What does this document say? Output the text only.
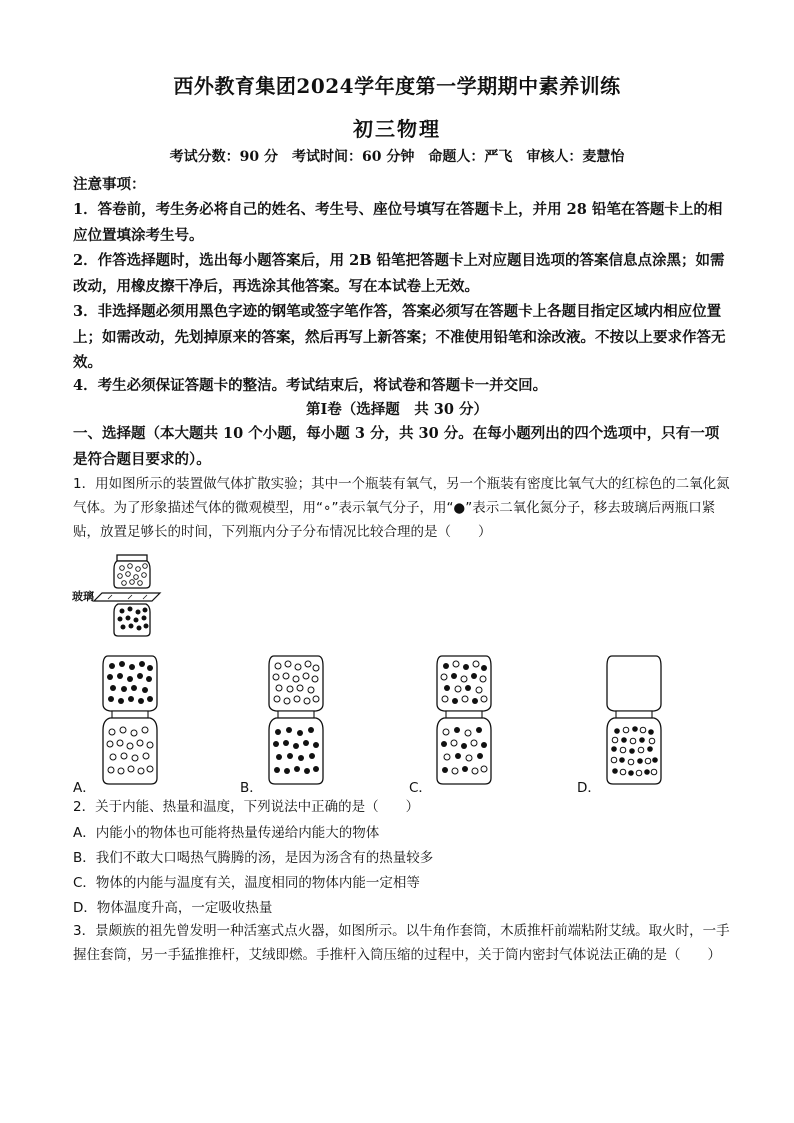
西外教育集团2024学年度第一学期期中素养训练
初三物理
考试分数：90 分　考试时间：60 分钟　命题人：严飞　审核人：麦慧怡
注意事项：
1．答卷前，考生务必将自己的姓名、考生号、座位号填写在答题卡上，并用 28 铅笔在答题卡上的相应位置填涂考生号。
2．作答选择题时，选出每小题答案后，用 2B 铅笔把答题卡上对应题目选项的答案信息点涂黑；如需改动，用橡皮擦干净后，再选涂其他答案。写在本试卷上无效。
3．非选择题必须用黑色字迹的钢笔或签字笔作答，答案必须写在答题卡上各题目指定区域内相应位置上；如需改动，先划掉原来的答案，然后再写上新答案；不准使用铅笔和涂改液。不按以上要求作答无效。
4．考生必须保证答题卡的整洁。考试结束后，将试卷和答题卡一并交回。
第Ⅰ卷（选择题　共 30 分）
一、选择题（本大题共 10 个小题，每小题 3 分，共 30 分。在每小题列出的四个选项中，只有一项是符合题目要求的）。
1．用如图所示的装置做气体扩散实验；其中一个瓶装有氧气，另一个瓶装有密度比氧气大的红棕色的二氧化氮气体。为了形象描述气体的微观模型，用“∘”表示氧气分子，用“●”表示二氧化氮分子，移去玻璃后两瓶口紧贴，放置足够长的时间，下列瓶内分子分布情况比较合理的是（　　）
玻璃
A．	B．	C．	D．
2．关于内能、热量和温度，下列说法中正确的是（　　）
A．内能小的物体也可能将热量传递给内能大的物体
B．我们不敢大口喝热气腾腾的汤，是因为汤含有的热量较多
C．物体的内能与温度有关，温度相同的物体内能一定相等
D．物体温度升高，一定吸收热量
3．景颇族的祖先曾发明一种活塞式点火器，如图所示。以牛角作套筒，木质推杆前端粘附艾绒。取火时，一手握住套筒，另一手猛推推杆，艾绒即燃。手推杆入筒压缩的过程中，关于筒内密封气体说法正确的是（　　）
